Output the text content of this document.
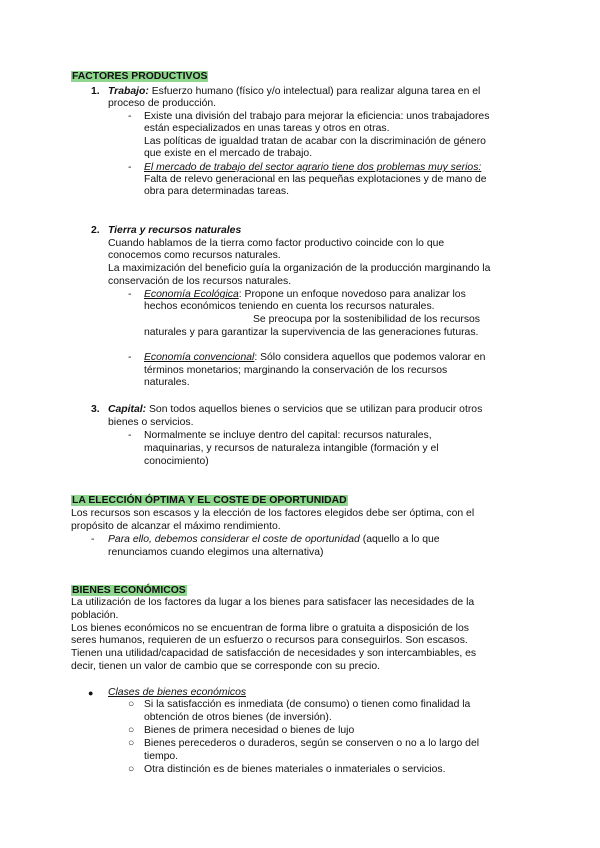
FACTORES PRODUCTIVOS
1. Trabajo: Esfuerzo humano (físico y/o intelectual) para realizar alguna tarea en el
proceso de producción.
- Existe una división del trabajo para mejorar la eficiencia: unos trabajadores
están especializados en unas tareas y otros en otras.
Las políticas de igualdad tratan de acabar con la discriminación de género
que existe en el mercado de trabajo.
- El mercado de trabajo del sector agrario tiene dos problemas muy serios:
Falta de relevo generacional en las pequeñas explotaciones y de mano de
obra para determinadas tareas.
2. Tierra y recursos naturales
Cuando hablamos de la tierra como factor productivo coincide con lo que
conocemos como recursos naturales.
La maximización del beneficio guía la organización de la producción marginando la
conservación de los recursos naturales.
- Economía Ecológica: Propone un enfoque novedoso para analizar los
hechos económicos teniendo en cuenta los recursos naturales.
Se preocupa por la sostenibilidad de los recursos
naturales y para garantizar la supervivencia de las generaciones futuras.
- Economía convencional: Sólo considera aquellos que podemos valorar en
términos monetarios; marginando la conservación de los recursos
naturales.
3. Capital: Son todos aquellos bienes o servicios que se utilizan para producir otros
bienes o servicios.
- Normalmente se incluye dentro del capital: recursos naturales,
maquinarias, y recursos de naturaleza intangible (formación y el
conocimiento)
LA ELECCIÓN ÓPTIMA Y EL COSTE DE OPORTUNIDAD
Los recursos son escasos y la elección de los factores elegidos debe ser óptima, con el
propósito de alcanzar el máximo rendimiento.
- Para ello, debemos considerar el coste de oportunidad (aquello a lo que
renunciamos cuando elegimos una alternativa)
BIENES ECONÓMICOS
La utilización de los factores da lugar a los bienes para satisfacer las necesidades de la
población.
Los bienes económicos no se encuentran de forma libre o gratuita a disposición de los
seres humanos, requieren de un esfuerzo o recursos para conseguirlos. Son escasos.
Tienen una utilidad/capacidad de satisfacción de necesidades y son intercambiables, es
decir, tienen un valor de cambio que se corresponde con su precio.
● Clases de bienes económicos
○ Si la satisfacción es inmediata (de consumo) o tienen como finalidad la
obtención de otros bienes (de inversión).
○ Bienes de primera necesidad o bienes de lujo
○ Bienes perecederos o duraderos, según se conserven o no a lo largo del
tiempo.
○ Otra distinción es de bienes materiales o inmateriales o servicios.
